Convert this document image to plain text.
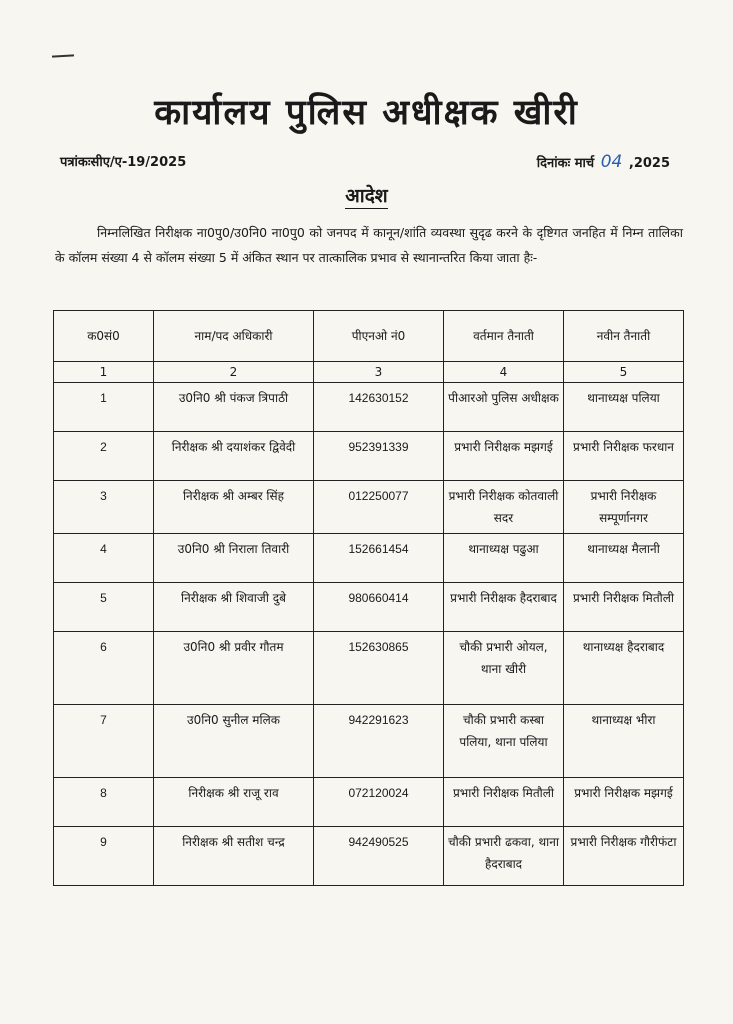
कार्यालय पुलिस अधीक्षक खीरी
पत्रांकःसीए/ए-19/2025	दिनांकः मार्च 04 ,2025
आदेश
निम्नलिखित निरीक्षक ना0पु0/उ0नि0 ना0पु0 को जनपद में कानून/शांति व्यवस्था सुदृढ करने के दृष्टिगत जनहित में निम्न तालिका के कॉलम संख्या 4 से कॉलम संख्या 5 में अंकित स्थान पर तात्कालिक प्रभाव से स्थानान्तरित किया जाता हैः-
क0सं0	नाम/पद अधिकारी	पीएनओ नं0	वर्तमान तैनाती	नवीन तैनाती
1	2	3	4	5
1	उ0नि0 श्री पंकज त्रिपाठी	142630152	पीआरओ पुलिस अधीक्षक	थानाध्यक्ष पलिया
2	निरीक्षक श्री दयाशंकर द्विवेदी	952391339	प्रभारी निरीक्षक मझगई	प्रभारी निरीक्षक फरधान
3	निरीक्षक श्री अम्बर सिंह	012250077	प्रभारी निरीक्षक कोतवाली सदर	प्रभारी निरीक्षक सम्पूर्णानगर
4	उ0नि0 श्री निराला तिवारी	152661454	थानाध्यक्ष पढुआ	थानाध्यक्ष मैलानी
5	निरीक्षक श्री शिवाजी दुबे	980660414	प्रभारी निरीक्षक हैदराबाद	प्रभारी निरीक्षक मितौली
6	उ0नि0 श्री प्रवीर गौतम	152630865	चौकी प्रभारी ओयल, थाना खीरी	थानाध्यक्ष हैदराबाद
7	उ0नि0 सुनील मलिक	942291623	चौकी प्रभारी कस्बा पलिया, थाना पलिया	थानाध्यक्ष भीरा
8	निरीक्षक श्री राजू राव	072120024	प्रभारी निरीक्षक मितौली	प्रभारी निरीक्षक मझगई
9	निरीक्षक श्री सतीश चन्द्र	942490525	चौकी प्रभारी ढकवा, थाना हैदराबाद	प्रभारी निरीक्षक गौरीफंटा
